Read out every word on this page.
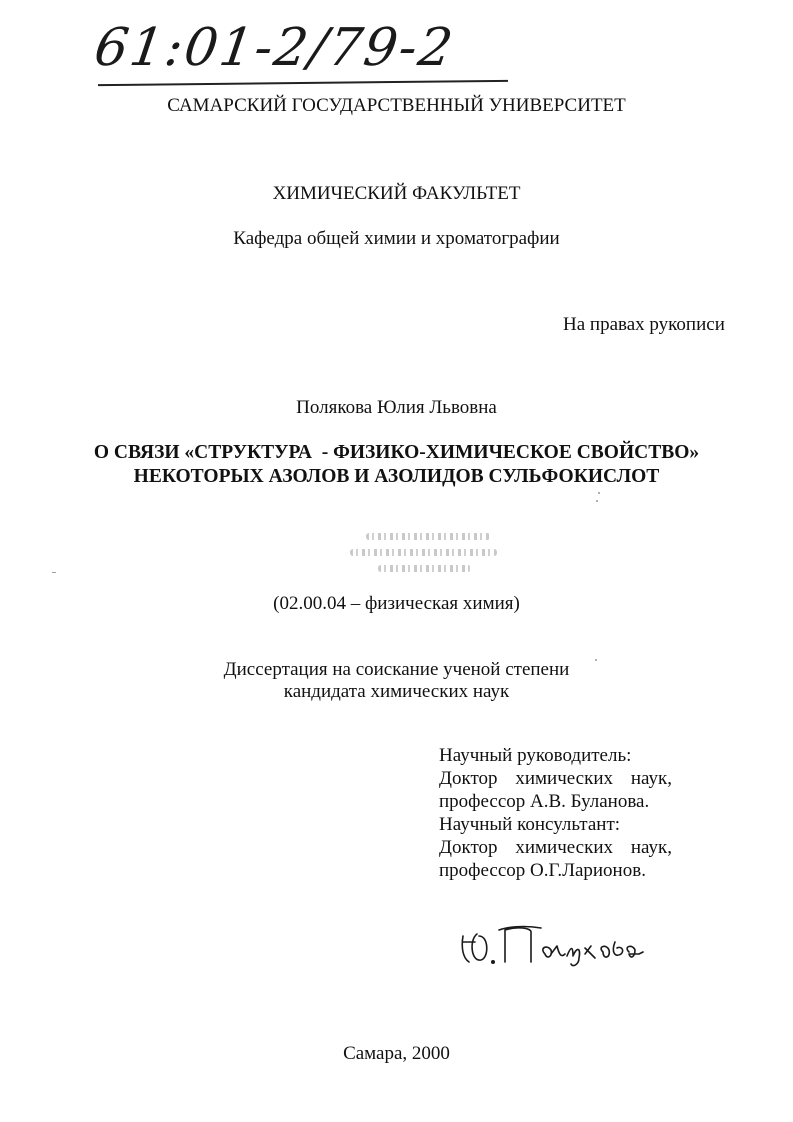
61:01-2/79-2
САМАРСКИЙ ГОСУДАРСТВЕННЫЙ УНИВЕРСИТЕТ
ХИМИЧЕСКИЙ ФАКУЛЬТЕТ
Кафедра общей химии и хроматографии
На правах рукописи
Полякова Юлия Львовна
О СВЯЗИ «СТРУКТУРА  - ФИЗИКО-ХИМИЧЕСКОЕ СВОЙСТВО»
НЕКОТОРЫХ АЗОЛОВ И АЗОЛИДОВ СУЛЬФОКИСЛОТ
(02.00.04 – физическая химия)
Диссертация на соискание ученой степени
кандидата химических наук
Научный руководитель:
Доктор химических наук,
профессор А.В. Буланова.
Научный консультант:
Доктор химических наук,
профессор О.Г.Ларионов.
Самара, 2000
